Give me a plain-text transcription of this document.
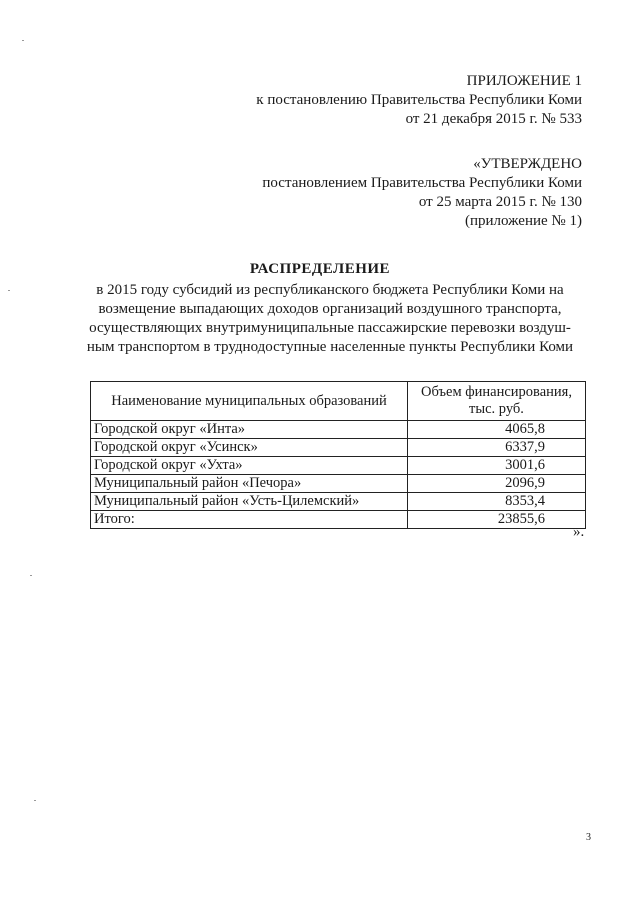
ПРИЛОЖЕНИЕ 1
к постановлению Правительства Республики Коми
от 21 декабря 2015 г. № 533
«УТВЕРЖДЕНО
постановлением Правительства Республики Коми
от 25 марта 2015 г. № 130
(приложение № 1)
РАСПРЕДЕЛЕНИЕ
в 2015 году субсидий из республиканского бюджета Республики Коми на
возмещение выпадающих доходов организаций воздушного транспорта,
осуществляющих внутримуниципальные пассажирские перевозки воздуш-
ным транспортом в труднодоступные населенные пункты Республики Коми
Наименование муниципальных образований	Объем финансирования,
тыс. руб.

Городской округ «Инта»	4065,8
Городской округ «Усинск»	6337,9
Городской округ «Ухта»	3001,6
Муниципальный район «Печора»	2096,9
Муниципальный район «Усть-Цилемский»	8353,4
Итого:	23855,6
».
3
